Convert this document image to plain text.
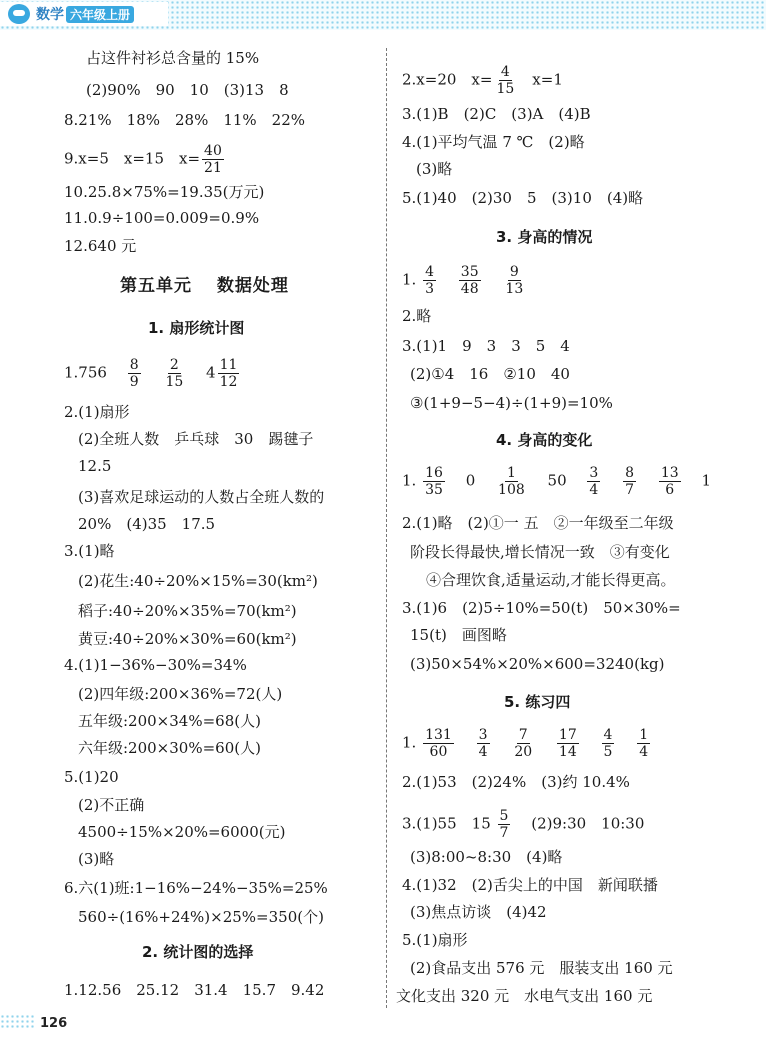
数学 六年级上册
占这件衬衫总含量的 15%
(2)90%　90　10　(3)13　8
8.21%　18%　28%　11%　22%
9.x=5　x=15　$x= \frac{40}{21}$
10.25.8×75%=19.35(万元)
11.0.9÷100=0.009=0.9%
12.640 元
第五单元　 数据处理
1. 扇形统计图
$1.756 \frac{8}{9}$
$\frac{2}{15} 4 \frac{11}{12}$
2.(1)扇形
(2)全班人数　乒乓球　30　踢毽子
12.5
(3)喜欢足球运动的人数占全班人数的
20%　(4)35　17.5
3.(1)略
(2)花生:40÷20%×15%=30(km²)
稻子:40÷20%×35%=70(km²)
黄豆:40÷20%×30%=60(km²)
4.(1)1−36%−30%=34%
(2)四年级:200×36%=72(人)
五年级:200×34%=68(人)
六年级:200×30%=60(人)
5.(1)20
(2)不正确
4500÷15%×20%=6000(元)
(3)略
6.六(1)班:1−16%−24%−35%=25%
560÷(16%+24%)×25%=350(个)
2. 统计图的选择
1.12.56　25.12　31.4　15.7　9.42
2.x=20　$x= \frac{4}{15} x=1$
3.(1)B　(2)C　(3)A　(4)B
4.(1)平均气温 7 ℃　(2)略
(3)略
5.(1)40　(2)30　5　(3)10　(4)略
3. 身高的情况
1. $\frac{4}{3}$
$\frac{35}{48}$
$\frac{9}{13}$
2.略
3.(1)1　9　3　3　5　4
(2)①4　16　②10　40
③(1+9−5−4)÷(1+9)=10%
4. 身高的变化
1. $\frac{16}{35} 0 \frac{1}{108} 50 \frac{3}{4}$
$\frac{8}{7}$
$\frac{13}{6} 1$
2.(1)略　(2)①一 五　②一年级至二年级
阶段长得最快,增长情况一致　③有变化
④合理饮食,适量运动,才能长得更高。
3.(1)6　(2)5÷10%=50(t)　50×30%=
15(t)　画图略
(3)50×54%×20%×600=3240(kg)
5. 练习四
1. $\frac{131}{60}$
$\frac{3}{4}$
$\frac{7}{20}$
$\frac{17}{14}$
$\frac{4}{5}$
$\frac{1}{4}$
2.(1)53　(2)24%　(3)约 10.4%
3.(1)55　$15 \frac{5}{7}$ (2)9:30　10:30
(3)8:00~8:30　(4)略
4.(1)32　(2)舌尖上的中国　新闻联播
(3)焦点访谈　(4)42
5.(1)扇形
(2)食品支出 576 元　服装支出 160 元
文化支出 320 元　水电气支出 160 元
126
